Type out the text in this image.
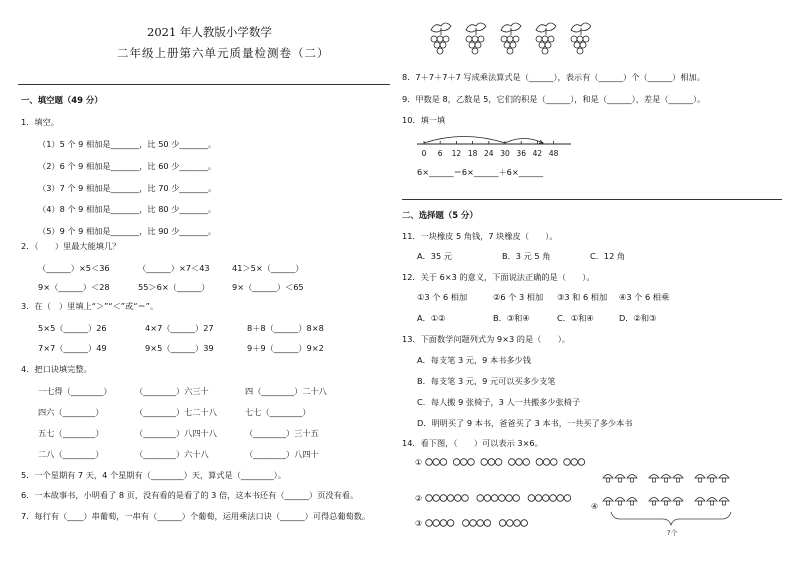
2021 年人教版小学数学
二年级上册第六单元质量检测卷（二）
一、填空题（49 分）
1．填空。
（1）5 个 9 相加是_______，比 50 少_______。
（2）6 个 9 相加是_______，比 60 少_______。
（3）7 个 9 相加是_______，比 70 少_______。
（4）8 个 9 相加是_______，比 80 少_______。
（5）9 个 9 相加是_______，比 90 少_______。
2．（　　）里最大能填几？
（______）×5＜36	（______）×7＜43	41＞5×（______）
9×（______）＜28	55＞6×（______）	9×（______）＜65
3．在（　）里填上“＞”“＜”或“＝”。
5×5（______）26	4×7（______）27	8＋8（______）8×8
7×7（______）49	9×5（______）39	9＋9（______）9×2
4．把口诀填完整。
一七得（________）	（________）六三十	四（________）二十八
四六（________）	（________）七二十八	七七（________）
五七（________）	（________）八四十八	（________）三十五
二八（________）	（________）六十八	（________）八四十
5．一个星期有 7 天，4 个星期有（________）天，算式是（________）。
6．一本故事书，小明看了 8 页，没有看的是看了的 3 倍，这本书还有（______）页没有看。
7．每行有（____）串葡萄，一串有（______）个葡萄，运用乘法口诀（______）可得总葡萄数。
8．7＋7＋7＋7 写成乘法算式是（______），表示有（______）个（______）相加。
9．甲数是 8，乙数是 5，它们的积是（______），和是（______），差是（______）。
10．填一填
0 6 12 18 24 30 36 42 48
6×______＝6×______＋6×______
二、选择题（5 分）
11．一块橡皮 5 角钱，7 块橡皮（　　）。
A．35 元	B．3 元 5 角	C．12 角
12．关于 6×3 的意义，下面说法正确的是（　　）。
①3 个 6 相加	②6 个 3 相加 ③3 和 6 相加 ④3 个 6 相乘
A．①②	B．③和④	C．①和④	D．②和③
13．下面数学问题列式为 9×3 的是（　　）。
A．每支笔 3 元，9 本书多少钱
B．每支笔 3 元，9 元可以买多少支笔
C．每人搬 9 张椅子，3 人一共搬多少张椅子
D．明明买了 9 本书，爸爸买了 3 本书，一共买了多少本书
14．看下图，（　　）可以表示 3×6。
①
②
③
④
?个
